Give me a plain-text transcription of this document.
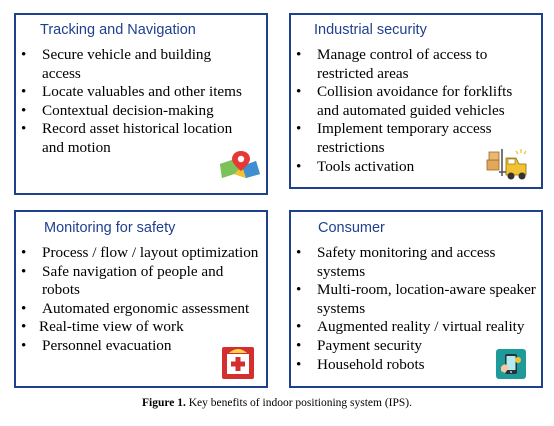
Tracking and Navigation
• Secure vehicle and building access
• Locate valuables and other items
• Contextual decision-making
• Record asset historical location and motion
Industrial security
• Manage control of access to restricted areas
• Collision avoidance for forklifts and automated guided vehicles
• Implement temporary access restrictions
• Tools activation
Monitoring for safety
• Process / flow / layout optimization
• Safe navigation of people and robots
• Automated ergonomic assessment
• Real-time view of work
• Personnel evacuation
Consumer
• Safety monitoring and access systems
• Multi-room, location-aware speaker systems
• Augmented reality / virtual reality
• Payment security
• Household robots
Figure 1. Key benefits of indoor positioning system (IPS).
